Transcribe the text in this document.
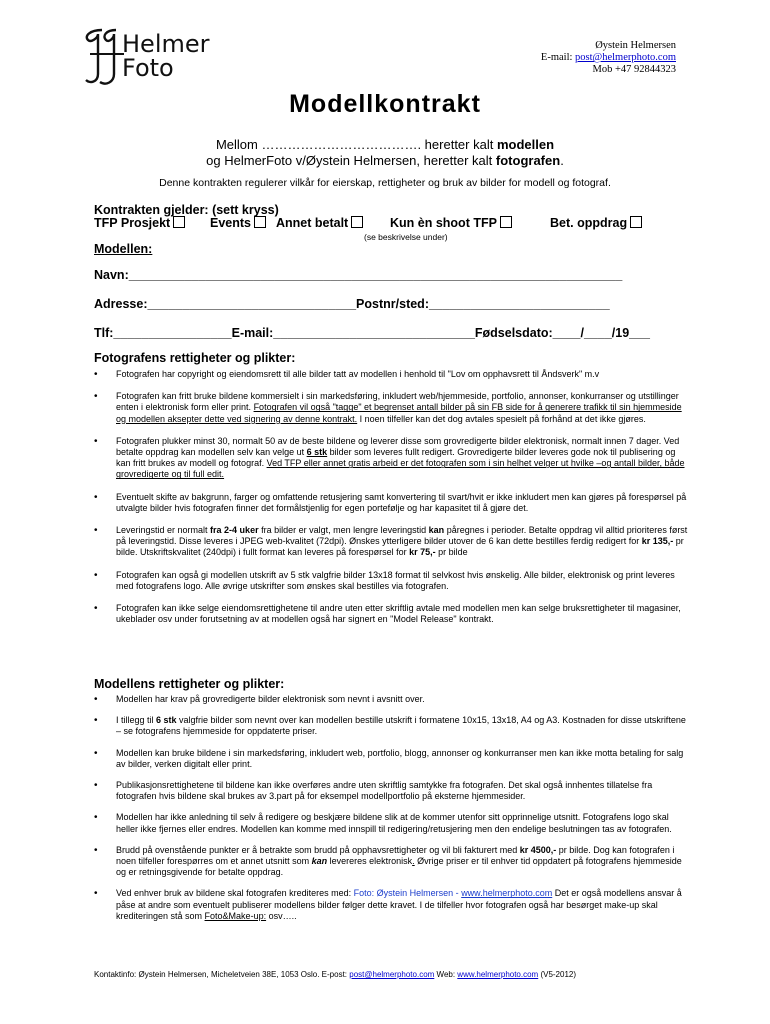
Helmer
Foto
Øystein Helmersen
E-mail: post@helmerphoto.com
Mob +47 92844323
Modellkontrakt
Mellom ………………………………. heretter kalt modellen
og HelmerFoto v/Øystein Helmersen, heretter kalt fotografen.
Denne kontrakten regulerer vilkår for eierskap, rettigheter og bruk av bilder for modell og fotograf.
Kontrakten gjelder: (sett kryss)
TFP Prosjekt	Events	Annet betalt	Kun èn shoot TFP	Bet. oppdrag
(se beskrivelse under)
Modellen:
Navn:_______________________________________________________________________
Adresse:______________________________Postnr/sted:__________________________
Tlf:_________________E-mail:_____________________________Fødselsdato:____/____/19___
Fotografens rettigheter og plikter:
• Fotografen har copyright og eiendomsrett til alle bilder tatt av modellen i henhold til "Lov om opphavsrett til Åndsverk" m.v
• Fotografen kan fritt bruke bildene kommersielt i sin markedsføring, inkludert web/hjemmeside, portfolio, annonser, konkurranser og utstillinger enten i elektronisk form eller print. Fotografen vil også "tagge" et begrenset antall bilder på sin FB side for å generere trafikk til sin hjemmeside og modellen aksepter dette ved signering av denne kontrakt. I noen tilfeller kan det dog avtales spesielt på forhånd at det ikke gjøres.
• Fotografen plukker minst 30, normalt 50 av de beste bildene og leverer disse som grovredigerte bilder elektronisk, normalt innen 7 dager. Ved betalte oppdrag kan modellen selv kan velge ut 6 stk bilder som leveres fullt redigert. Grovredigerte bilder leveres gode nok til publisering og kan fritt brukes av modell og fotograf. Ved TFP eller annet gratis arbeid er det fotografen som i sin helhet velger ut hvilke –og antall bilder, både grovredigerte og til full edit.
• Eventuelt skifte av bakgrunn, farger og omfattende retusjering samt konvertering til svart/hvit er ikke inkludert men kan gjøres på forespørsel på utvalgte bilder hvis fotografen finner det formålstjenlig for egen portefølje og har kapasitet til å gjøre det.
• Leveringstid er normalt fra 2-4 uker fra bilder er valgt, men lengre leveringstid kan påregnes i perioder. Betalte oppdrag vil alltid prioriteres først på leveringstid. Disse leveres i JPEG web-kvalitet (72dpi). Ønskes ytterligere bilder utover de 6 kan dette bestilles ferdig redigert for kr 135,- pr bilde. Utskriftskvalitet (240dpi) i fullt format kan leveres på forespørsel for kr 75,- pr bilde
• Fotografen kan også gi modellen utskrift av 5 stk valgfrie bilder 13x18 format til selvkost hvis ønskelig. Alle bilder, elektronisk og print leveres med fotografens logo. Alle øvrige utskrifter som ønskes skal bestilles via fotografen.
• Fotografen kan ikke selge eiendomsrettighetene til andre uten etter skriftlig avtale med modellen men kan selge bruksrettigheter til magasiner, ukeblader osv under forutsetning av at modellen også har signert en "Model Release" kontrakt.
Modellens rettigheter og plikter:
• Modellen har krav på grovredigerte bilder elektronisk som nevnt i avsnitt over.
• I tillegg til 6 stk valgfrie bilder som nevnt over kan modellen bestille utskrift i formatene 10x15, 13x18, A4 og A3. Kostnaden for disse utskriftene – se fotografens hjemmeside for oppdaterte priser.
• Modellen kan bruke bildene i sin markedsføring, inkludert web, portfolio, blogg, annonser og konkurranser men kan ikke motta betaling for salg av bilder, verken digitalt eller print.
• Publikasjonsrettighetene til bildene kan ikke overføres andre uten skriftlig samtykke fra fotografen. Det skal også innhentes tillatelse fra fotografen hvis bildene skal brukes av 3.part på for eksempel modellportfolio på eksterne hjemmesider.
• Modellen har ikke anledning til selv å redigere og beskjære bildene slik at de kommer utenfor sitt opprinnelige utsnitt. Fotografens logo skal heller ikke fjernes eller endres. Modellen kan komme med innspill til redigering/retusjering men den endelige beslutningen tas av fotografen.
• Brudd på ovenstående punkter er å betrakte som brudd på opphavsrettigheter og vil bli fakturert med kr 4500,- pr bilde. Dog kan fotografen i noen tilfeller forespørres om et annet utsnitt som kan levereres elektronisk. Øvrige priser er til enhver tid oppdatert på fotografens hjemmeside og er retningsgivende for betalte oppdrag.
• Ved enhver bruk av bildene skal fotografen krediteres med: Foto: Øystein Helmersen - www.helmerphoto.com Det er også modellens ansvar å påse at andre som eventuelt publiserer modellens bilder følger dette kravet. I de tilfeller hvor fotografen også har besørget make-up skal krediteringen stå som Foto&Make-up: osv…..
Kontaktinfo: Øystein Helmersen, Micheletveien 38E, 1053 Oslo. E-post: post@helmerphoto.com Web: www.helmerphoto.com (V5-2012)
